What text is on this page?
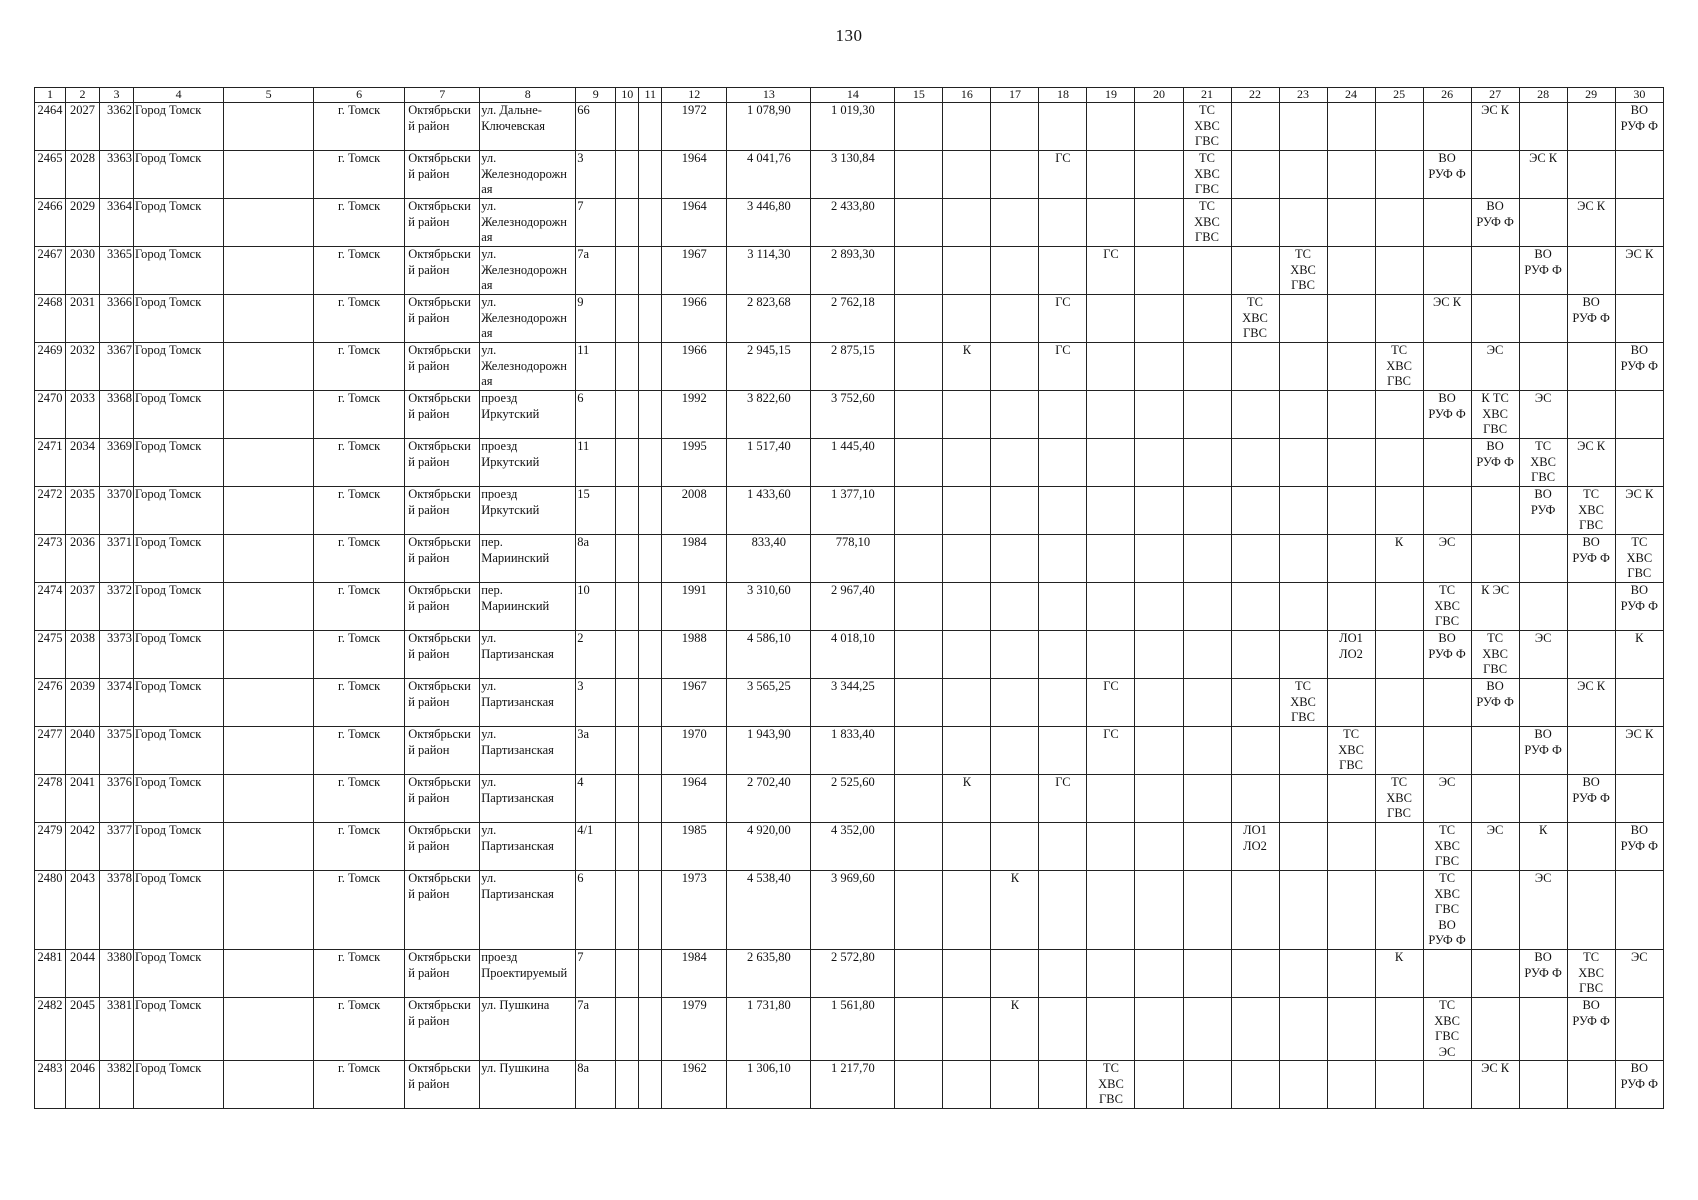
130
1	2	3	4	5	6	7	8	9	10	11	12	13	14	15	16	17	18	19	20	21	22	23	24	25	26	27	28	29	30
2464	2027	3362	Город Томск		г. Томск	Октябрьски
й район	ул. Дальне-
Ключевская	66			1972	1 078,90	1 019,30							ТС
ХВС
ГВС						ЭС К			ВО
РУФ Ф
2465	2028	3363	Город Томск		г. Томск	Октябрьски
й район	ул.
Железнодорожн
ая	3			1964	4 041,76	3 130,84				ГС			ТС
ХВС
ГВС					ВО
РУФ Ф		ЭС К		
2466	2029	3364	Город Томск		г. Томск	Октябрьски
й район	ул.
Железнодорожн
ая	7			1964	3 446,80	2 433,80							ТС
ХВС
ГВС						ВО
РУФ Ф		ЭС К	
2467	2030	3365	Город Томск		г. Томск	Октябрьски
й район	ул.
Железнодорожн
ая	7а			1967	3 114,30	2 893,30					ГС				ТС
ХВС
ГВС					ВО
РУФ Ф		ЭС К
2468	2031	3366	Город Томск		г. Томск	Октябрьски
й район	ул.
Железнодорожн
ая	9			1966	2 823,68	2 762,18				ГС				ТС
ХВС
ГВС				ЭС К			ВО
РУФ Ф	
2469	2032	3367	Город Томск		г. Томск	Октябрьски
й район	ул.
Железнодорожн
ая	11			1966	2 945,15	2 875,15		К		ГС							ТС
ХВС
ГВС		ЭС			ВО
РУФ Ф
2470	2033	3368	Город Томск		г. Томск	Октябрьски
й район	проезд
Иркутский	6			1992	3 822,60	3 752,60												ВО
РУФ Ф	К ТС
ХВС
ГВС	ЭС		
2471	2034	3369	Город Томск		г. Томск	Октябрьски
й район	проезд
Иркутский	11			1995	1 517,40	1 445,40													ВО
РУФ Ф	ТС
ХВС
ГВС	ЭС К	
2472	2035	3370	Город Томск		г. Томск	Октябрьски
й район	проезд
Иркутский	15			2008	1 433,60	1 377,10														ВО
РУФ	ТС
ХВС
ГВС	ЭС К
2473	2036	3371	Город Томск		г. Томск	Октябрьски
й район	пер.
Мариинский	8а			1984	833,40	778,10											К	ЭС			ВО
РУФ Ф	ТС
ХВС
ГВС
2474	2037	3372	Город Томск		г. Томск	Октябрьски
й район	пер.
Мариинский	10			1991	3 310,60	2 967,40												ТС
ХВС
ГВС	К ЭС			ВО
РУФ Ф
2475	2038	3373	Город Томск		г. Томск	Октябрьски
й район	ул.
Партизанская	2			1988	4 586,10	4 018,10										ЛО1
ЛО2		ВО
РУФ Ф	ТС
ХВС
ГВС	ЭС		К
2476	2039	3374	Город Томск		г. Томск	Октябрьски
й район	ул.
Партизанская	3			1967	3 565,25	3 344,25					ГС				ТС
ХВС
ГВС				ВО
РУФ Ф		ЭС К	
2477	2040	3375	Город Томск		г. Томск	Октябрьски
й район	ул.
Партизанская	3а			1970	1 943,90	1 833,40					ГС					ТС
ХВС
ГВС				ВО
РУФ Ф		ЭС К
2478	2041	3376	Город Томск		г. Томск	Октябрьски
й район	ул.
Партизанская	4			1964	2 702,40	2 525,60		К		ГС							ТС
ХВС
ГВС	ЭС			ВО
РУФ Ф	
2479	2042	3377	Город Томск		г. Томск	Октябрьски
й район	ул.
Партизанская	4/1			1985	4 920,00	4 352,00								ЛО1
ЛО2				ТС
ХВС
ГВС	ЭС	К		ВО
РУФ Ф
2480	2043	3378	Город Томск		г. Томск	Октябрьски
й район	ул.
Партизанская	6			1973	4 538,40	3 969,60			К									ТС
ХВС
ГВС
ВО
РУФ Ф		ЭС		
2481	2044	3380	Город Томск		г. Томск	Октябрьски
й район	проезд
Проектируемый	7			1984	2 635,80	2 572,80											К			ВО
РУФ Ф	ТС
ХВС
ГВС	ЭС
2482	2045	3381	Город Томск		г. Томск	Октябрьски
й район	ул. Пушкина	7а			1979	1 731,80	1 561,80			К									ТС
ХВС
ГВС
ЭС			ВО
РУФ Ф	
2483	2046	3382	Город Томск		г. Томск	Октябрьски
й район	ул. Пушкина	8а			1962	1 306,10	1 217,70					ТС
ХВС
ГВС								ЭС К			ВО
РУФ Ф
